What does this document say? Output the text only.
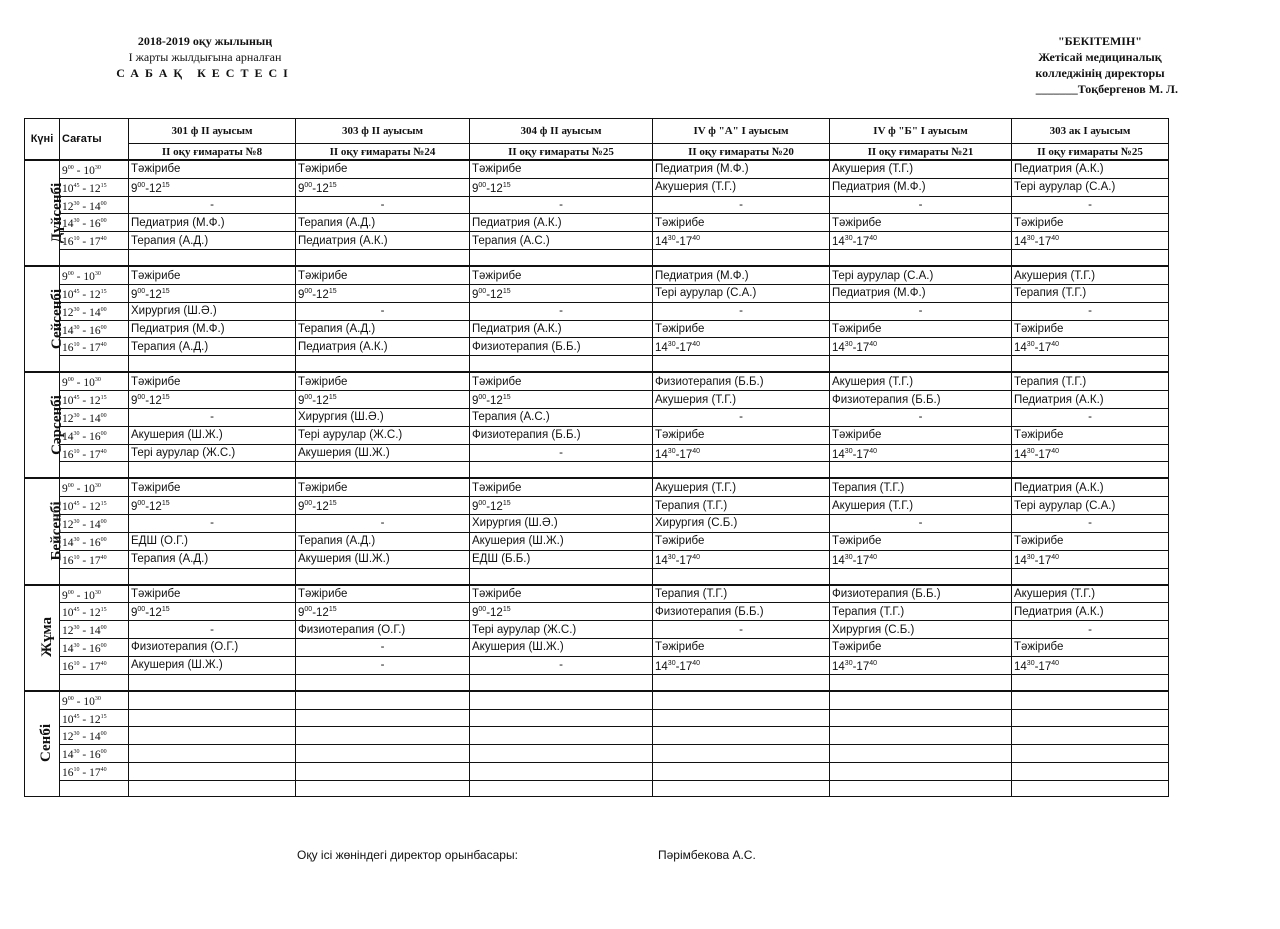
2018-2019 оқу жылының
І жарты жылдығына арналған
САБАҚ КЕСТЕСІ
"БЕКІТЕМІН"
Жетісай медициналық
колледжінің директоры
_______Тоқбергенов М. Л.
Күні	Сағаты	301 ф ІІ ауысым	303 ф ІІ ауысым	304 ф ІІ ауысым	ІV ф "А" І ауысым	ІV ф "Б" І ауысым	303 ак І ауысым
		ІІ оқу ғимараты №8	ІІ оқу ғимараты №24	ІІ оқу ғимараты №25	ІІ оқу ғимараты №20	ІІ оқу ғимараты №21	ІІ оқу ғимараты №25
Дүйсенбі	$9^{00} - 10^{30}$	Тәжірибе	Тәжірибе	Тәжірибе	Педиатрия (М.Ф.)	Акушерия (Т.Г.)	Педиатрия (А.К.)
	$10^{45} - 12^{15}$	$9^{00}-12^{15}$	$9^{00}-12^{15}$	$9^{00}-12^{15}$	Акушерия (Т.Г.)	Педиатрия (М.Ф.)	Тері аурулар (С.А.)
	$12^{30} - 14^{00}$	-	-	-	-	-	-
	$14^{30} - 16^{00}$	Педиатрия (М.Ф.)	Терапия (А.Д.)	Педиатрия (А.К.)	Тәжірибе	Тәжірибе	Тәжірибе
	$16^{10} - 17^{40}$	Терапия (А.Д.)	Педиатрия (А.К.)	Терапия (А.С.)	$14^{30}-17^{40}$	$14^{30}-17^{40}$	$14^{30}-17^{40}$

Сейсенбі	$9^{00} - 10^{30}$	Тәжірибе	Тәжірибе	Тәжірибе	Педиатрия (М.Ф.)	Тері аурулар (С.А.)	Акушерия (Т.Г.)
	$10^{45} - 12^{15}$	$9^{00}-12^{15}$	$9^{00}-12^{15}$	$9^{00}-12^{15}$	Тері аурулар (С.А.)	Педиатрия (М.Ф.)	Терапия (Т.Г.)
	$12^{30} - 14^{00}$	Хирургия (Ш.Ә.)	-	-	-	-	-
	$14^{30} - 16^{00}$	Педиатрия (М.Ф.)	Терапия (А.Д.)	Педиатрия (А.К.)	Тәжірибе	Тәжірибе	Тәжірибе
	$16^{10} - 17^{40}$	Терапия (А.Д.)	Педиатрия (А.К.)	Физиотерапия (Б.Б.)	$14^{30}-17^{40}$	$14^{30}-17^{40}$	$14^{30}-17^{40}$

Сәрсенбі	$9^{00} - 10^{30}$	Тәжірибе	Тәжірибе	Тәжірибе	Физиотерапия (Б.Б.)	Акушерия (Т.Г.)	Терапия (Т.Г.)
	$10^{45} - 12^{15}$	$9^{00}-12^{15}$	$9^{00}-12^{15}$	$9^{00}-12^{15}$	Акушерия (Т.Г.)	Физиотерапия (Б.Б.)	Педиатрия (А.К.)
	$12^{30} - 14^{00}$	-	Хирургия (Ш.Ә.)	Терапия (А.С.)	-	-	-
	$14^{30} - 16^{00}$	Акушерия (Ш.Ж.)	Тері аурулар (Ж.С.)	Физиотерапия (Б.Б.)	Тәжірибе	Тәжірибе	Тәжірибе
	$16^{10} - 17^{40}$	Тері аурулар (Ж.С.)	Акушерия (Ш.Ж.)	-	$14^{30}-17^{40}$	$14^{30}-17^{40}$	$14^{30}-17^{40}$

Бейсенбі	$9^{00} - 10^{30}$	Тәжірибе	Тәжірибе	Тәжірибе	Акушерия (Т.Г.)	Терапия (Т.Г.)	Педиатрия (А.К.)
	$10^{45} - 12^{15}$	$9^{00}-12^{15}$	$9^{00}-12^{15}$	$9^{00}-12^{15}$	Терапия (Т.Г.)	Акушерия (Т.Г.)	Тері аурулар (С.А.)
	$12^{30} - 14^{00}$	-	-	Хирургия (Ш.Ә.)	Хирургия (С.Б.)	-	-
	$14^{30} - 16^{00}$	ЕДШ (О.Г.)	Терапия (А.Д.)	Акушерия (Ш.Ж.)	Тәжірибе	Тәжірибе	Тәжірибе
	$16^{10} - 17^{40}$	Терапия (А.Д.)	Акушерия (Ш.Ж.)	ЕДШ (Б.Б.)	$14^{30}-17^{40}$	$14^{30}-17^{40}$	$14^{30}-17^{40}$

Жұма	$9^{00} - 10^{30}$	Тәжірибе	Тәжірибе	Тәжірибе	Терапия (Т.Г.)	Физиотерапия (Б.Б.)	Акушерия (Т.Г.)
	$10^{45} - 12^{15}$	$9^{00}-12^{15}$	$9^{00}-12^{15}$	$9^{00}-12^{15}$	Физиотерапия (Б.Б.)	Терапия (Т.Г.)	Педиатрия (А.К.)
	$12^{30} - 14^{00}$	-	Физиотерапия (О.Г.)	Тері аурулар (Ж.С.)	-	Хирургия (С.Б.)	-
	$14^{30} - 16^{00}$	Физиотерапия (О.Г.)	-	Акушерия (Ш.Ж.)	Тәжірибе	Тәжірибе	Тәжірибе
	$16^{10} - 17^{40}$	Акушерия (Ш.Ж.)	-	-	$14^{30}-17^{40}$	$14^{30}-17^{40}$	$14^{30}-17^{40}$

Сенбі	$9^{00} - 10^{30}$						
	$10^{45} - 12^{15}$						
	$12^{30} - 14^{00}$						
	$14^{30} - 16^{00}$						
	$16^{10} - 17^{40}$						

Оқу ісі жөніндегі директор орынбасары:	Пәрімбекова А.С.
